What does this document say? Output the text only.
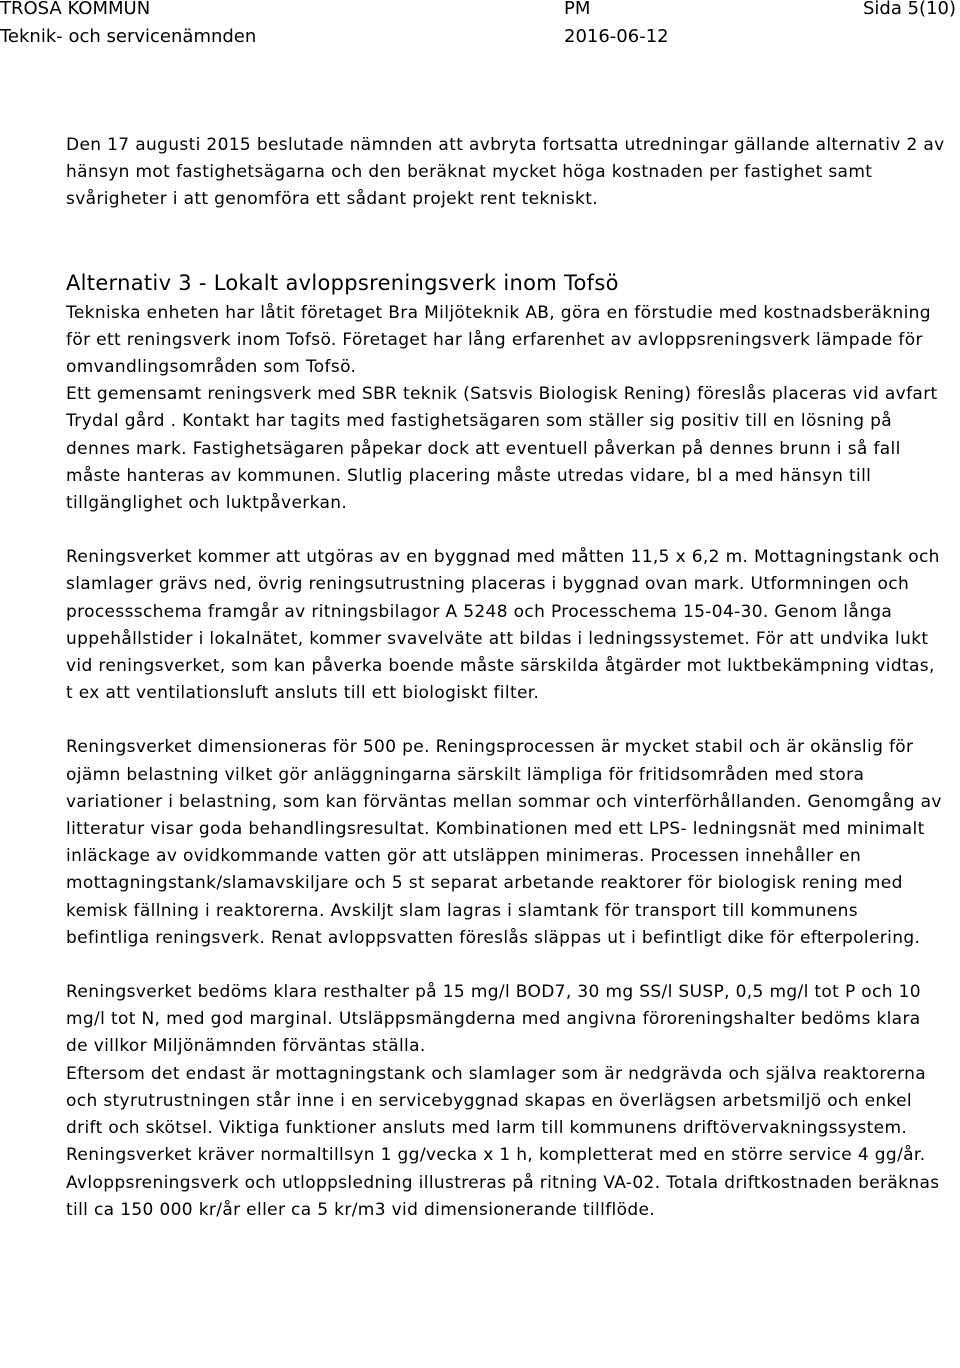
TROSA KOMMUN
Teknik- och servicenämnden
PM
2016-06-12
Sida 5(10)

Den 17 augusti 2015 beslutade nämnden att avbryta fortsatta utredningar gällande alternativ 2 av hänsyn mot fastighetsägarna och den beräknat mycket höga kostnaden per fastighet samt svårigheter i att genomföra ett sådant projekt rent tekniskt.

Alternativ 3 - Lokalt avloppsreningsverk inom Tofsö

Tekniska enheten har låtit företaget Bra Miljöteknik AB, göra en förstudie med kostnadsberäkning för ett reningsverk inom Tofsö. Företaget har lång erfarenhet av avloppsreningsverk lämpade för omvandlingsområden som Tofsö.

Ett gemensamt reningsverk med SBR teknik (Satsvis Biologisk Rening) föreslås placeras vid avfart Trydal gård . Kontakt har tagits med fastighetsägaren som ställer sig positiv till en lösning på dennes mark. Fastighetsägaren påpekar dock att eventuell påverkan på dennes brunn i så fall måste hanteras av kommunen. Slutlig placering måste utredas vidare, bl a med hänsyn till tillgänglighet och luktpåverkan.

Reningsverket kommer att utgöras av en byggnad med måtten 11,5 x 6,2 m. Mottagningstank och slamlager grävs ned, övrig reningsutrustning placeras i byggnad ovan mark. Utformningen och processschema framgår av ritningsbilagor A 5248 och Processchema 15-04-30. Genom långa uppehållstider i lokalnätet, kommer svavelväte att bildas i ledningssystemet. För att undvika lukt vid reningsverket, som kan påverka boende måste särskilda åtgärder mot luktbekämpning vidtas, t ex att ventilationsluft ansluts till ett biologiskt filter.

Reningsverket dimensioneras för 500 pe. Reningsprocessen är mycket stabil och är okänslig för ojämn belastning vilket gör anläggningarna särskilt lämpliga för fritidsområden med stora variationer i belastning, som kan förväntas mellan sommar och vinterförhållanden. Genomgång av litteratur visar goda behandlingsresultat. Kombinationen med ett LPS- ledningsnät med minimalt inläckage av ovidkommande vatten gör att utsläppen minimeras. Processen innehåller en mottagningstank/slamavskiljare och 5 st separat arbetande reaktorer för biologisk rening med kemisk fällning i reaktorerna. Avskiljt slam lagras i slamtank för transport till kommunens befintliga reningsverk. Renat avloppsvatten föreslås släppas ut i befintligt dike för efterpolering.

Reningsverket bedöms klara resthalter på 15 mg/l BOD7, 30 mg SS/l SUSP, 0,5 mg/l tot P och 10 mg/l tot N, med god marginal. Utsläppsmängderna med angivna föroreningshalter bedöms klara de villkor Miljönämnden förväntas ställa.

Eftersom det endast är mottagningstank och slamlager som är nedgrävda och själva reaktorerna och styrutrustningen står inne i en servicebyggnad skapas en överlägsen arbetsmiljö och enkel drift och skötsel. Viktiga funktioner ansluts med larm till kommunens driftövervakningssystem. Reningsverket kräver normaltillsyn 1 gg/vecka x 1 h, kompletterat med en större service 4 gg/år.

Avloppsreningsverk och utloppsledning illustreras på ritning VA-02. Totala driftkostnaden beräknas till ca 150 000 kr/år eller ca 5 kr/m3 vid dimensionerande tillflöde.
